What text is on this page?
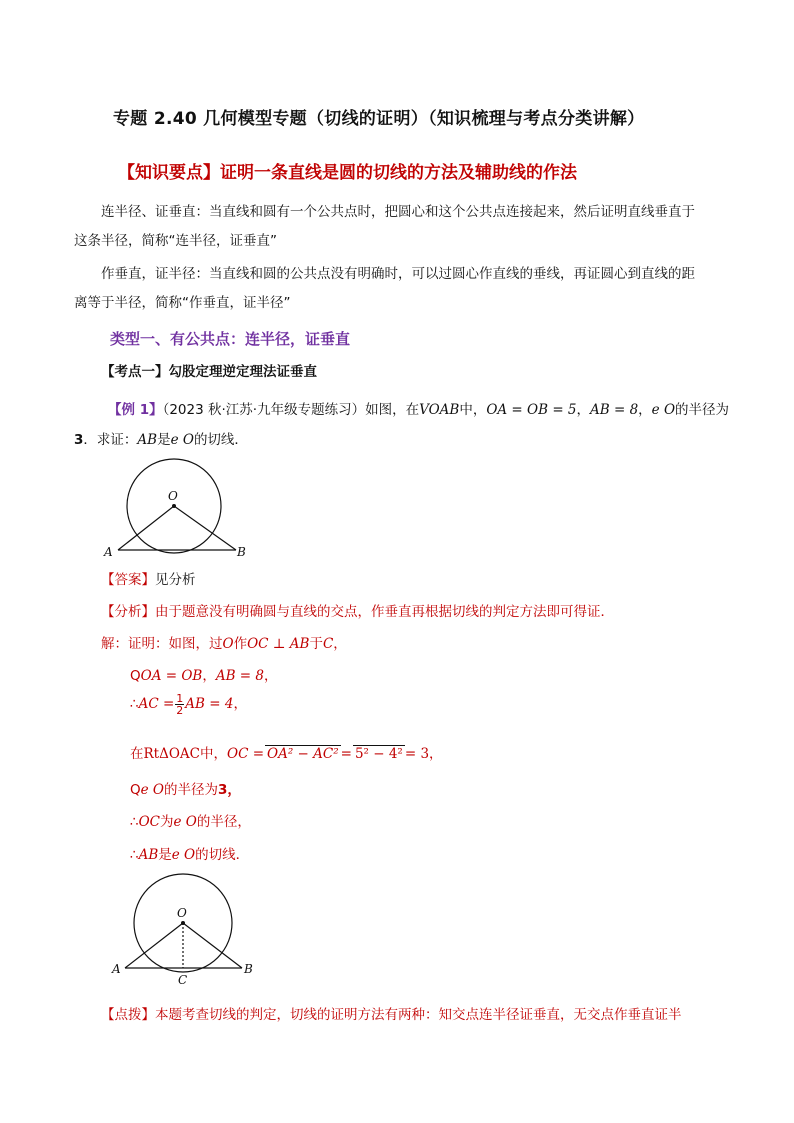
专题 2.40 几何模型专题（切线的证明）（知识梳理与考点分类讲解）
【知识要点】证明一条直线是圆的切线的方法及辅助线的作法
连半径、证垂直：当直线和圆有一个公共点时，把圆心和这个公共点连接起来，然后证明直线垂直于
这条半径，简称“连半径，证垂直”
作垂直，证半径：当直线和圆的公共点没有明确时，可以过圆心作直线的垂线，再证圆心到直线的距
离等于半径，简称“作垂直，证半径”
类型一、有公共点：连半径，证垂直
【考点一】勾股定理逆定理法证垂直
【例 1】（2023 秋·江苏·九年级专题练习）如图，在VOAB中，OA = OB = 5，AB = 8，e O的半径为
3．求证：AB是e O的切线．
O
A	B
【答案】见分析
【分析】由于题意没有明确圆与直线的交点，作垂直再根据切线的判定方法即可得证．
解：证明：如图，过O作OC ⊥ AB于C，
QOA = OB，AB = 8，
∴AC = $\frac{1}{2}$ AB = 4，
在RtΔOAC中，OC = OA² − AC² = 5² − 4² = 3，
Qe O的半径为3，
∴OC为e O的半径，
∴AB是e O的切线．
O
A	B
C
【点拨】本题考查切线的判定，切线的证明方法有两种：知交点连半径证垂直，无交点作垂直证半
